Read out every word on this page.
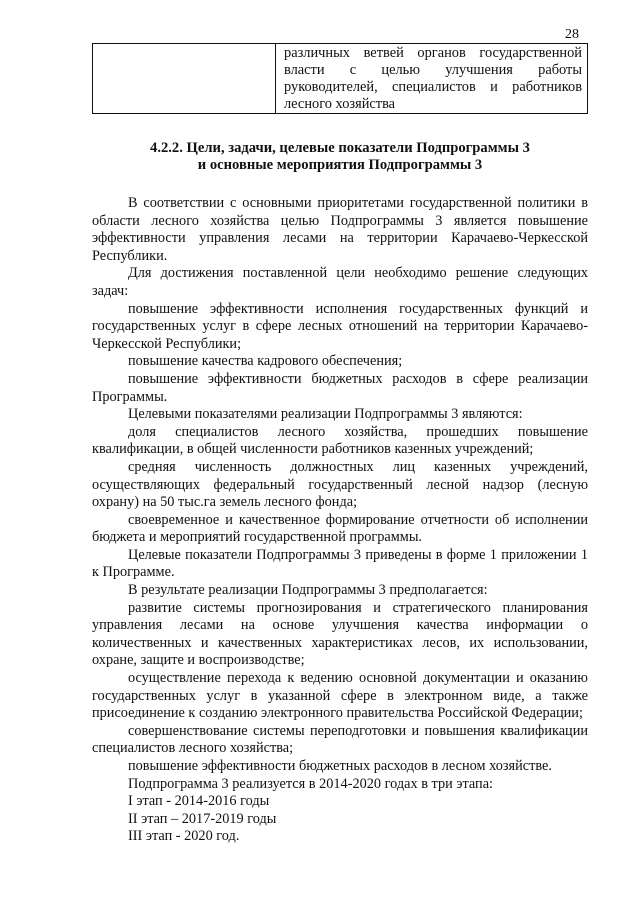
28
	различных ветвей органов государственной власти с целью улучшения работы руководителей, специалистов и работников лесного хозяйства
4.2.2. Цели, задачи, целевые показатели Подпрограммы 3
и основные мероприятия Подпрограммы 3

В соответствии с основными приоритетами государственной политики в области лесного хозяйства целью Подпрограммы 3 является повышение эффективности управления лесами на территории Карачаево-Черкесской Республики.

Для достижения поставленной цели необходимо решение следующих задач:

повышение эффективности исполнения государственных функций и государственных услуг в сфере лесных отношений на территории Карачаево-Черкесской Республики;

повышение качества кадрового обеспечения;

повышение эффективности бюджетных расходов в сфере реализации Программы.

Целевыми показателями реализации Подпрограммы 3 являются:

доля специалистов лесного хозяйства, прошедших повышение квалификации, в общей численности работников казенных учреждений;

средняя численность должностных лиц казенных учреждений, осуществляющих федеральный государственный лесной надзор (лесную охрану) на 50 тыс.га земель лесного фонда;

своевременное и качественное формирование отчетности об исполнении бюджета и мероприятий государственной программы.

Целевые показатели Подпрограммы 3 приведены в форме 1 приложении 1 к Программе.

В результате реализации Подпрограммы 3 предполагается:

развитие системы прогнозирования и стратегического планирования управления лесами на основе улучшения качества информации о количественных и качественных характеристиках лесов, их использовании, охране, защите и воспроизводстве;

осуществление перехода к ведению основной документации и оказанию государственных услуг в указанной сфере в электронном виде, а также присоединение к созданию электронного правительства Российской Федерации;

совершенствование системы переподготовки и повышения квалификации специалистов лесного хозяйства;

повышение эффективности бюджетных расходов в лесном хозяйстве.

Подпрограмма 3 реализуется в 2014-2020 годах в три этапа:

I этап - 2014-2016 годы

II этап – 2017-2019 годы

III этап - 2020 год.
